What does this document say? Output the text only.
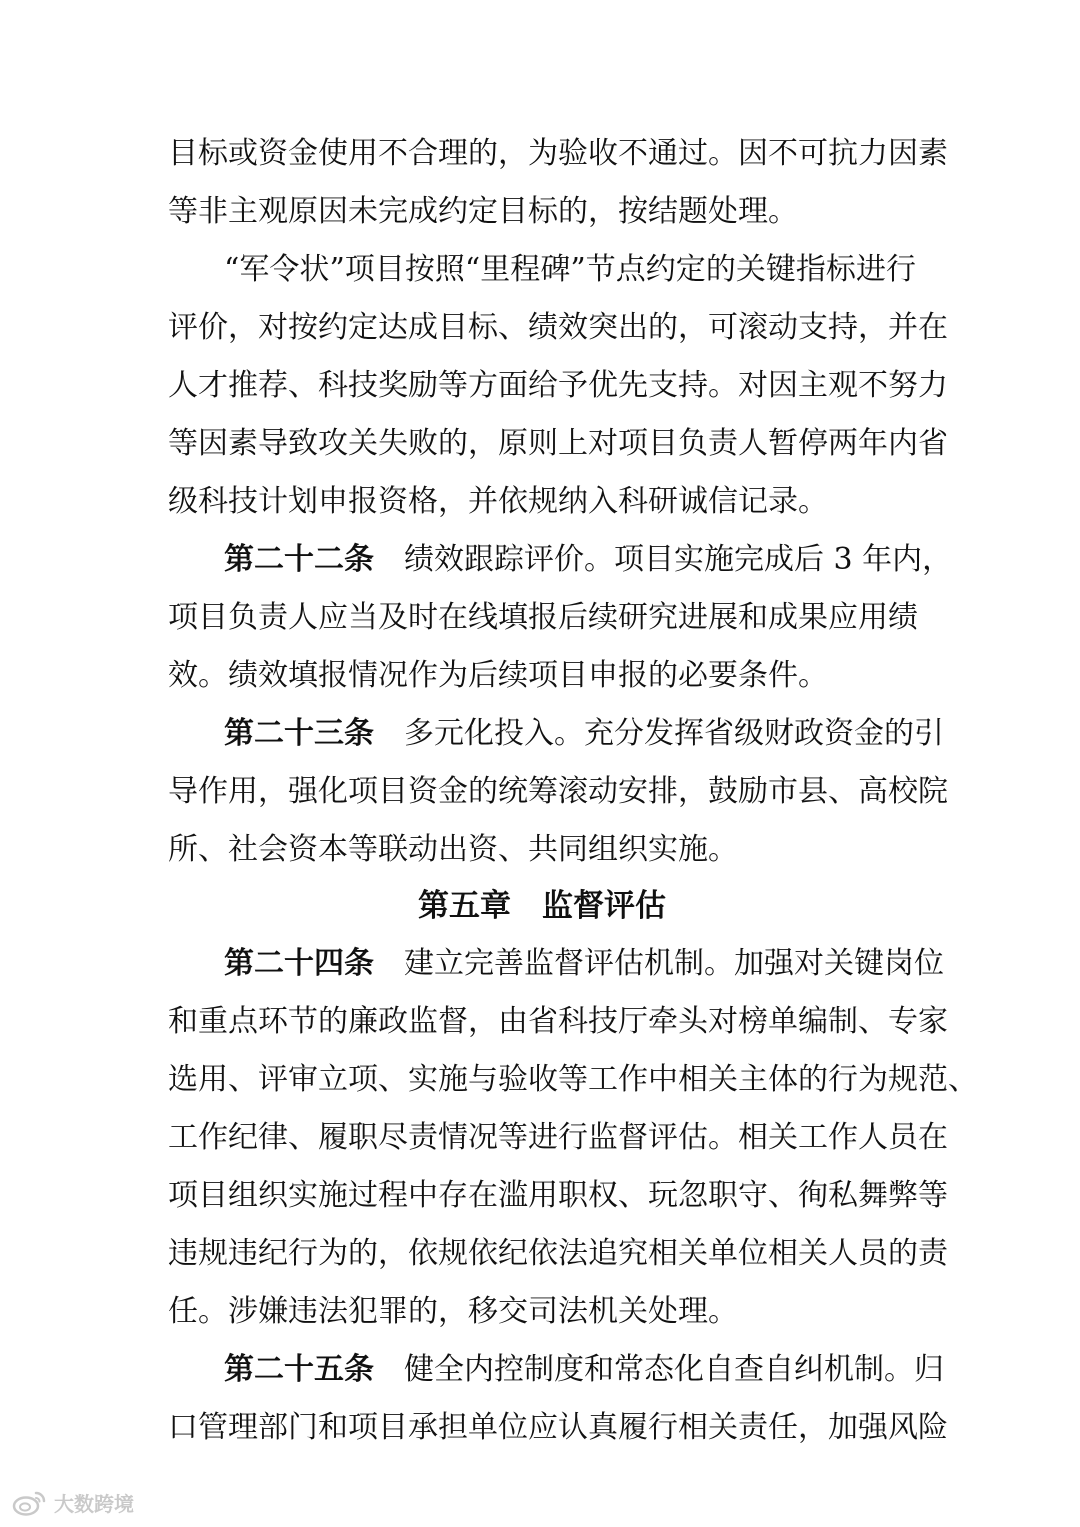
目标或资金使用不合理的，为验收不通过。因不可抗力因素
等非主观原因未完成约定目标的，按结题处理。
“军令状”项目按照“里程碑”节点约定的关键指标进行
评价，对按约定达成目标、绩效突出的，可滚动支持，并在
人才推荐、科技奖励等方面给予优先支持。对因主观不努力
等因素导致攻关失败的，原则上对项目负责人暂停两年内省
级科技计划申报资格，并依规纳入科研诚信记录。
第二十二条　 绩效跟踪评价。项目实施完成后 3 年内，
项目负责人应当及时在线填报后续研究进展和成果应用绩
效。绩效填报情况作为后续项目申报的必要条件。
第二十三条　 多元化投入。充分发挥省级财政资金的引
导作用，强化项目资金的统筹滚动安排，鼓励市县、高校院
所、社会资本等联动出资、共同组织实施。
第五章　监督评估
第二十四条　 建立完善监督评估机制。加强对关键岗位
和重点环节的廉政监督，由省科技厅牵头对榜单编制、专家
选用、评审立项、实施与验收等工作中相关主体的行为规范、
工作纪律、履职尽责情况等进行监督评估。相关工作人员在
项目组织实施过程中存在滥用职权、玩忽职守、徇私舞弊等
违规违纪行为的，依规依纪依法追究相关单位相关人员的责
任。涉嫌违法犯罪的，移交司法机关处理。
第二十五条　 健全内控制度和常态化自查自纠机制。归
口管理部门和项目承担单位应认真履行相关责任，加强风险
大数跨境
